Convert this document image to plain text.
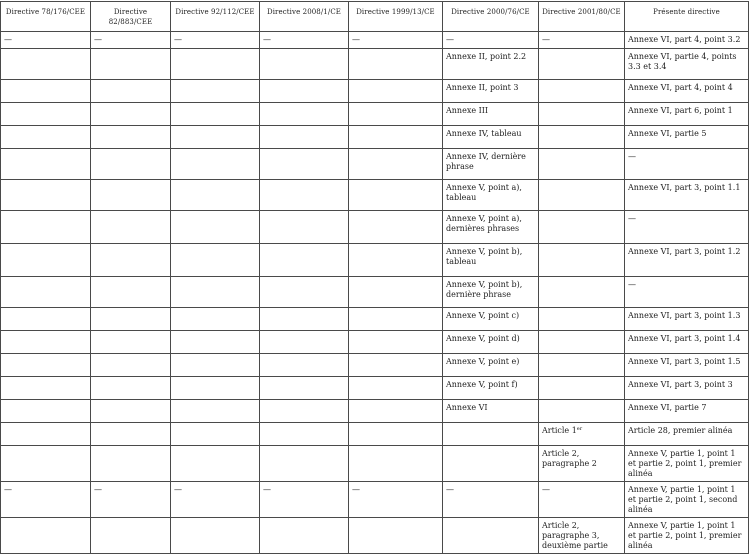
Directive 78/176/CEE	Directive 82/883/CEE	Directive 92/112/CEE	Directive 2008/1/CE	Directive 1999/13/CE	Directive 2000/76/CE	Directive 2001/80/CE	Présente directive
—	—	—	—	—	—	—	Annexe VI, part 4, point 3.2
					Annexe II, point 2.2		Annexe VI, partie 4, points 3.3 et 3.4
					Annexe II, point 3		Annexe VI, part 4, point 4
					Annexe III		Annexe VI, part 6, point 1
					Annexe IV, tableau		Annexe VI, partie 5
					Annexe IV, dernière phrase		—
					Annexe V, point a), tableau		Annexe VI, part 3, point 1.1
					Annexe V, point a), dernières phrases		—
					Annexe V, point b), tableau		Annexe VI, part 3, point 1.2
					Annexe V, point b), dernière phrase		—
					Annexe V, point c)		Annexe VI, part 3, point 1.3
					Annexe V, point d)		Annexe VI, part 3, point 1.4
					Annexe V, point e)		Annexe VI, part 3, point 1.5
					Annexe V, point f)		Annexe VI, part 3, point 3
					Annexe VI		Annexe VI, partie 7
						Article 1er	Article 28, premier alinéa
						Article 2, paragraphe 2	Annexe V, partie 1, point 1 et partie 2, point 1, premier alinéa
—	—	—	—	—	—	—	Annexe V, partie 1, point 1 et partie 2, point 1, second alinéa
						Article 2, paragraphe 3, deuxième partie	Annexe V, partie 1, point 1 et partie 2, point 1, premier alinéa
